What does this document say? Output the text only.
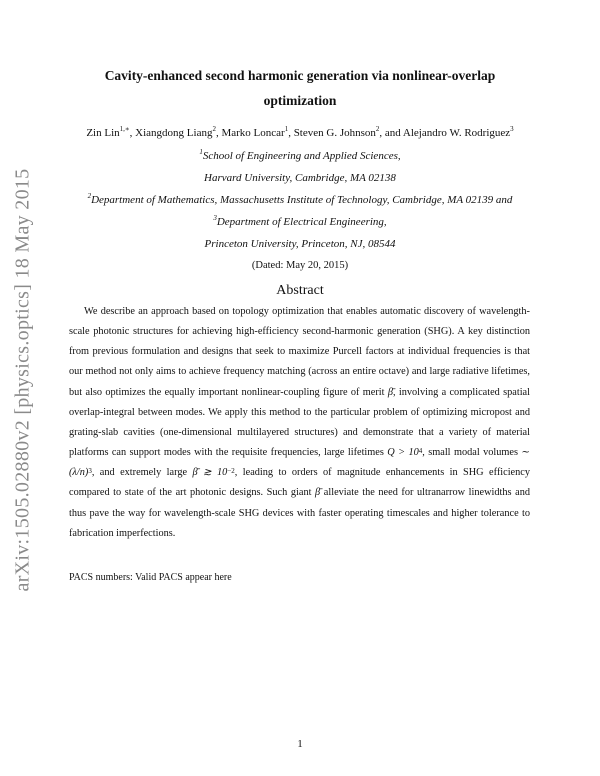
arXiv:1505.02880v2 [physics.optics] 18 May 2015
Cavity-enhanced second harmonic generation via nonlinear-overlap
optimization
Zin Lin$^{1,∗}$, Xiangdong Liang$^2$, Marko Loncar$^1$, Steven G. Johnson$^2$, and Alejandro W. Rodriguez$^3$
$^1$School of Engineering and Applied Sciences,
Harvard University, Cambridge, MA 02138
$^2$Department of Mathematics, Massachusetts Institute of Technology, Cambridge, MA 02139 and
$^3$Department of Electrical Engineering,
Princeton University, Princeton, NJ, 08544
(Dated: May 20, 2015)
Abstract

We describe an approach based on topology optimization that enables automatic discovery of wavelength-scale photonic structures for achieving high-efficiency second-harmonic generation (SHG). A key distinction from previous formulation and designs that seek to maximize Purcell factors at individual frequencies is that our method not only aims to achieve frequency matching (across an entire octave) and large radiative lifetimes, but also optimizes the equally important nonlinear-coupling figure of merit β̄, involving a complicated spatial overlap-integral between modes. We apply this method to the particular problem of optimizing micropost and grating-slab cavities (one-dimensional multilayered structures) and demonstrate that a variety of material platforms can support modes with the requisite frequencies, large lifetimes $Q > 10^4$, small modal volumes ∼ $(\lambda/n)^3$, and extremely large β̄ ≳ $10^{-2}$, leading to orders of magnitude enhancements in SHG efficiency compared to state of the art photonic designs. Such giant β̄ alleviate the need for ultranarrow linewidths and thus pave the way for wavelength-scale SHG devices with faster operating timescales and higher tolerance to fabrication imperfections.

PACS numbers: Valid PACS appear here
1
